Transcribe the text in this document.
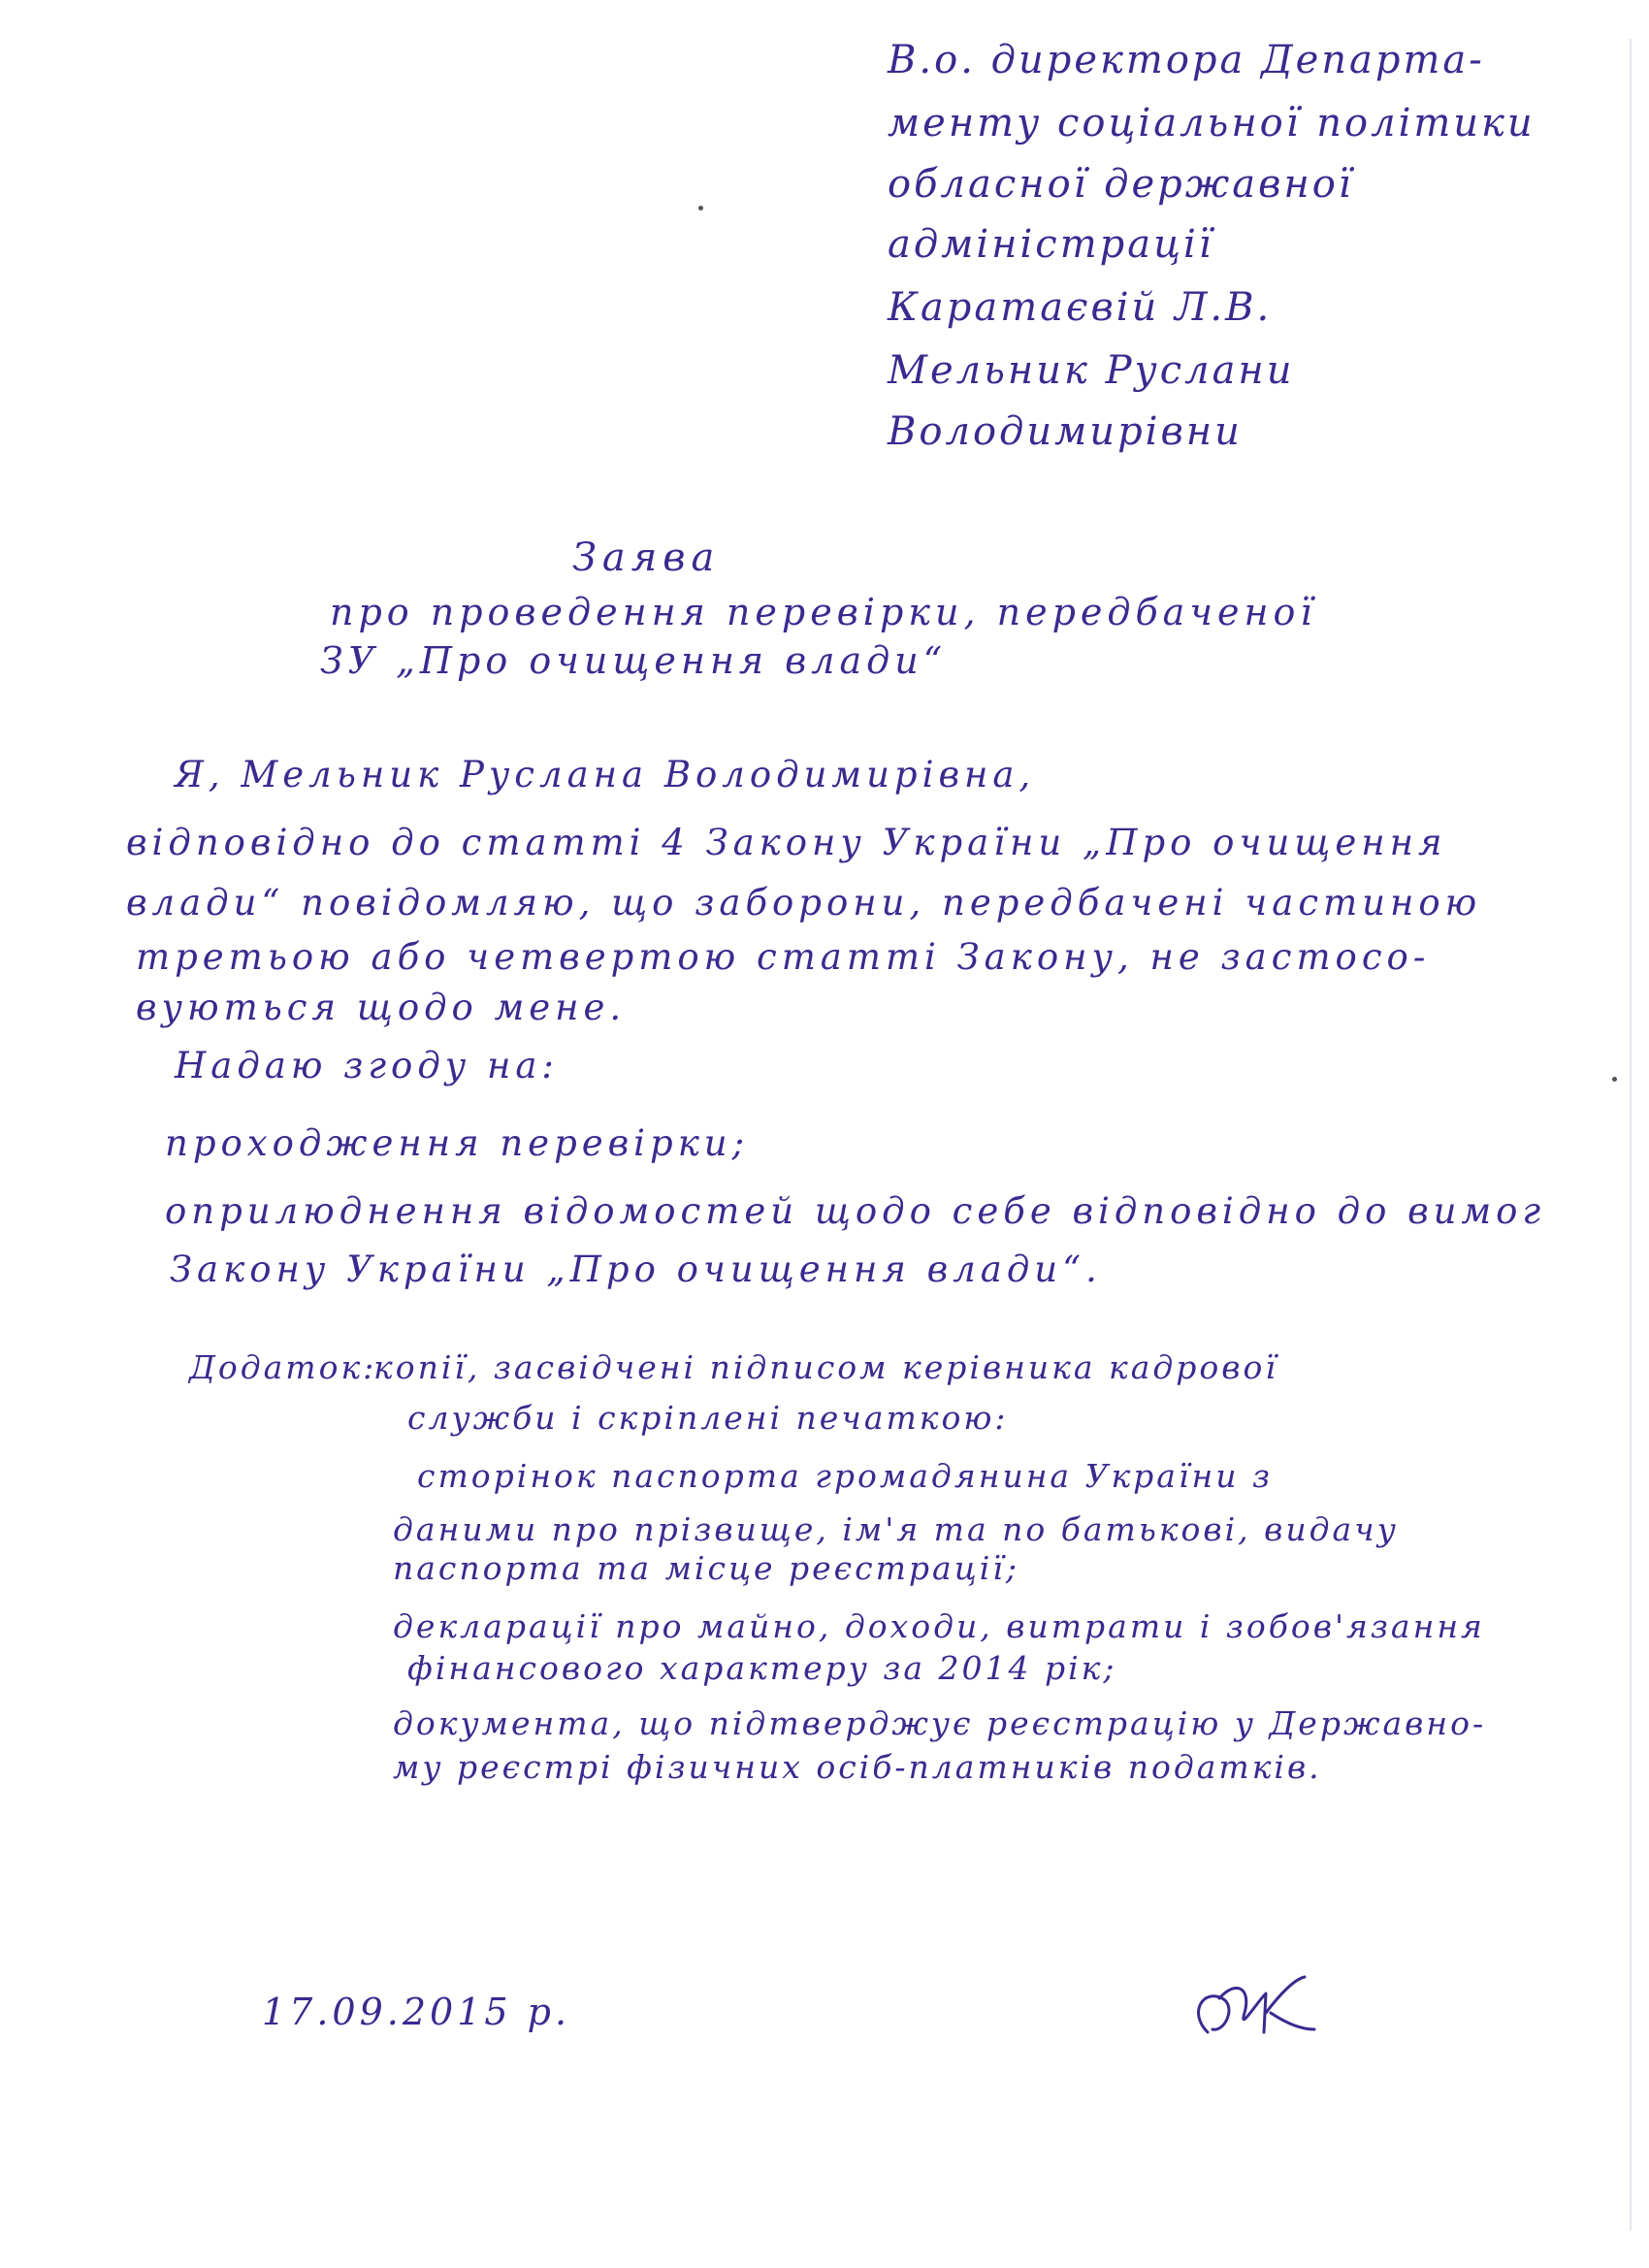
В.о. директора Департа-
менту соціальної політики
обласної державної
адміністрації
Каратаєвій Л.В.
Мельник Руслани
Володимирівни
Заява
про проведення перевірки, передбаченої
ЗУ „Про очищення влади“
Я, Мельник Руслана Володимирівна,
відповідно до статті 4 Закону України „Про очищення
влади“ повідомляю, що заборони, передбачені частиною
третьою або четвертою статті Закону, не застосо-
вуються щодо мене.
Надаю згоду на:
проходження перевірки;
оприлюднення відомостей щодо себе відповідно до вимог
Закону України „Про очищення влади“.
Додаток:
копії, засвідчені підписом керівника кадрової
служби і скріплені печаткою:
сторінок паспорта громадянина України з
даними про прізвище, ім'я та по батькові, видачу
паспорта та місце реєстрації;
декларації про майно, доходи, витрати і зобов'язання
фінансового характеру за 2014 рік;
документа, що підтверджує реєстрацію у Державно-
му реєстрі фізичних осіб-платників податків.
17.09.2015 р.
